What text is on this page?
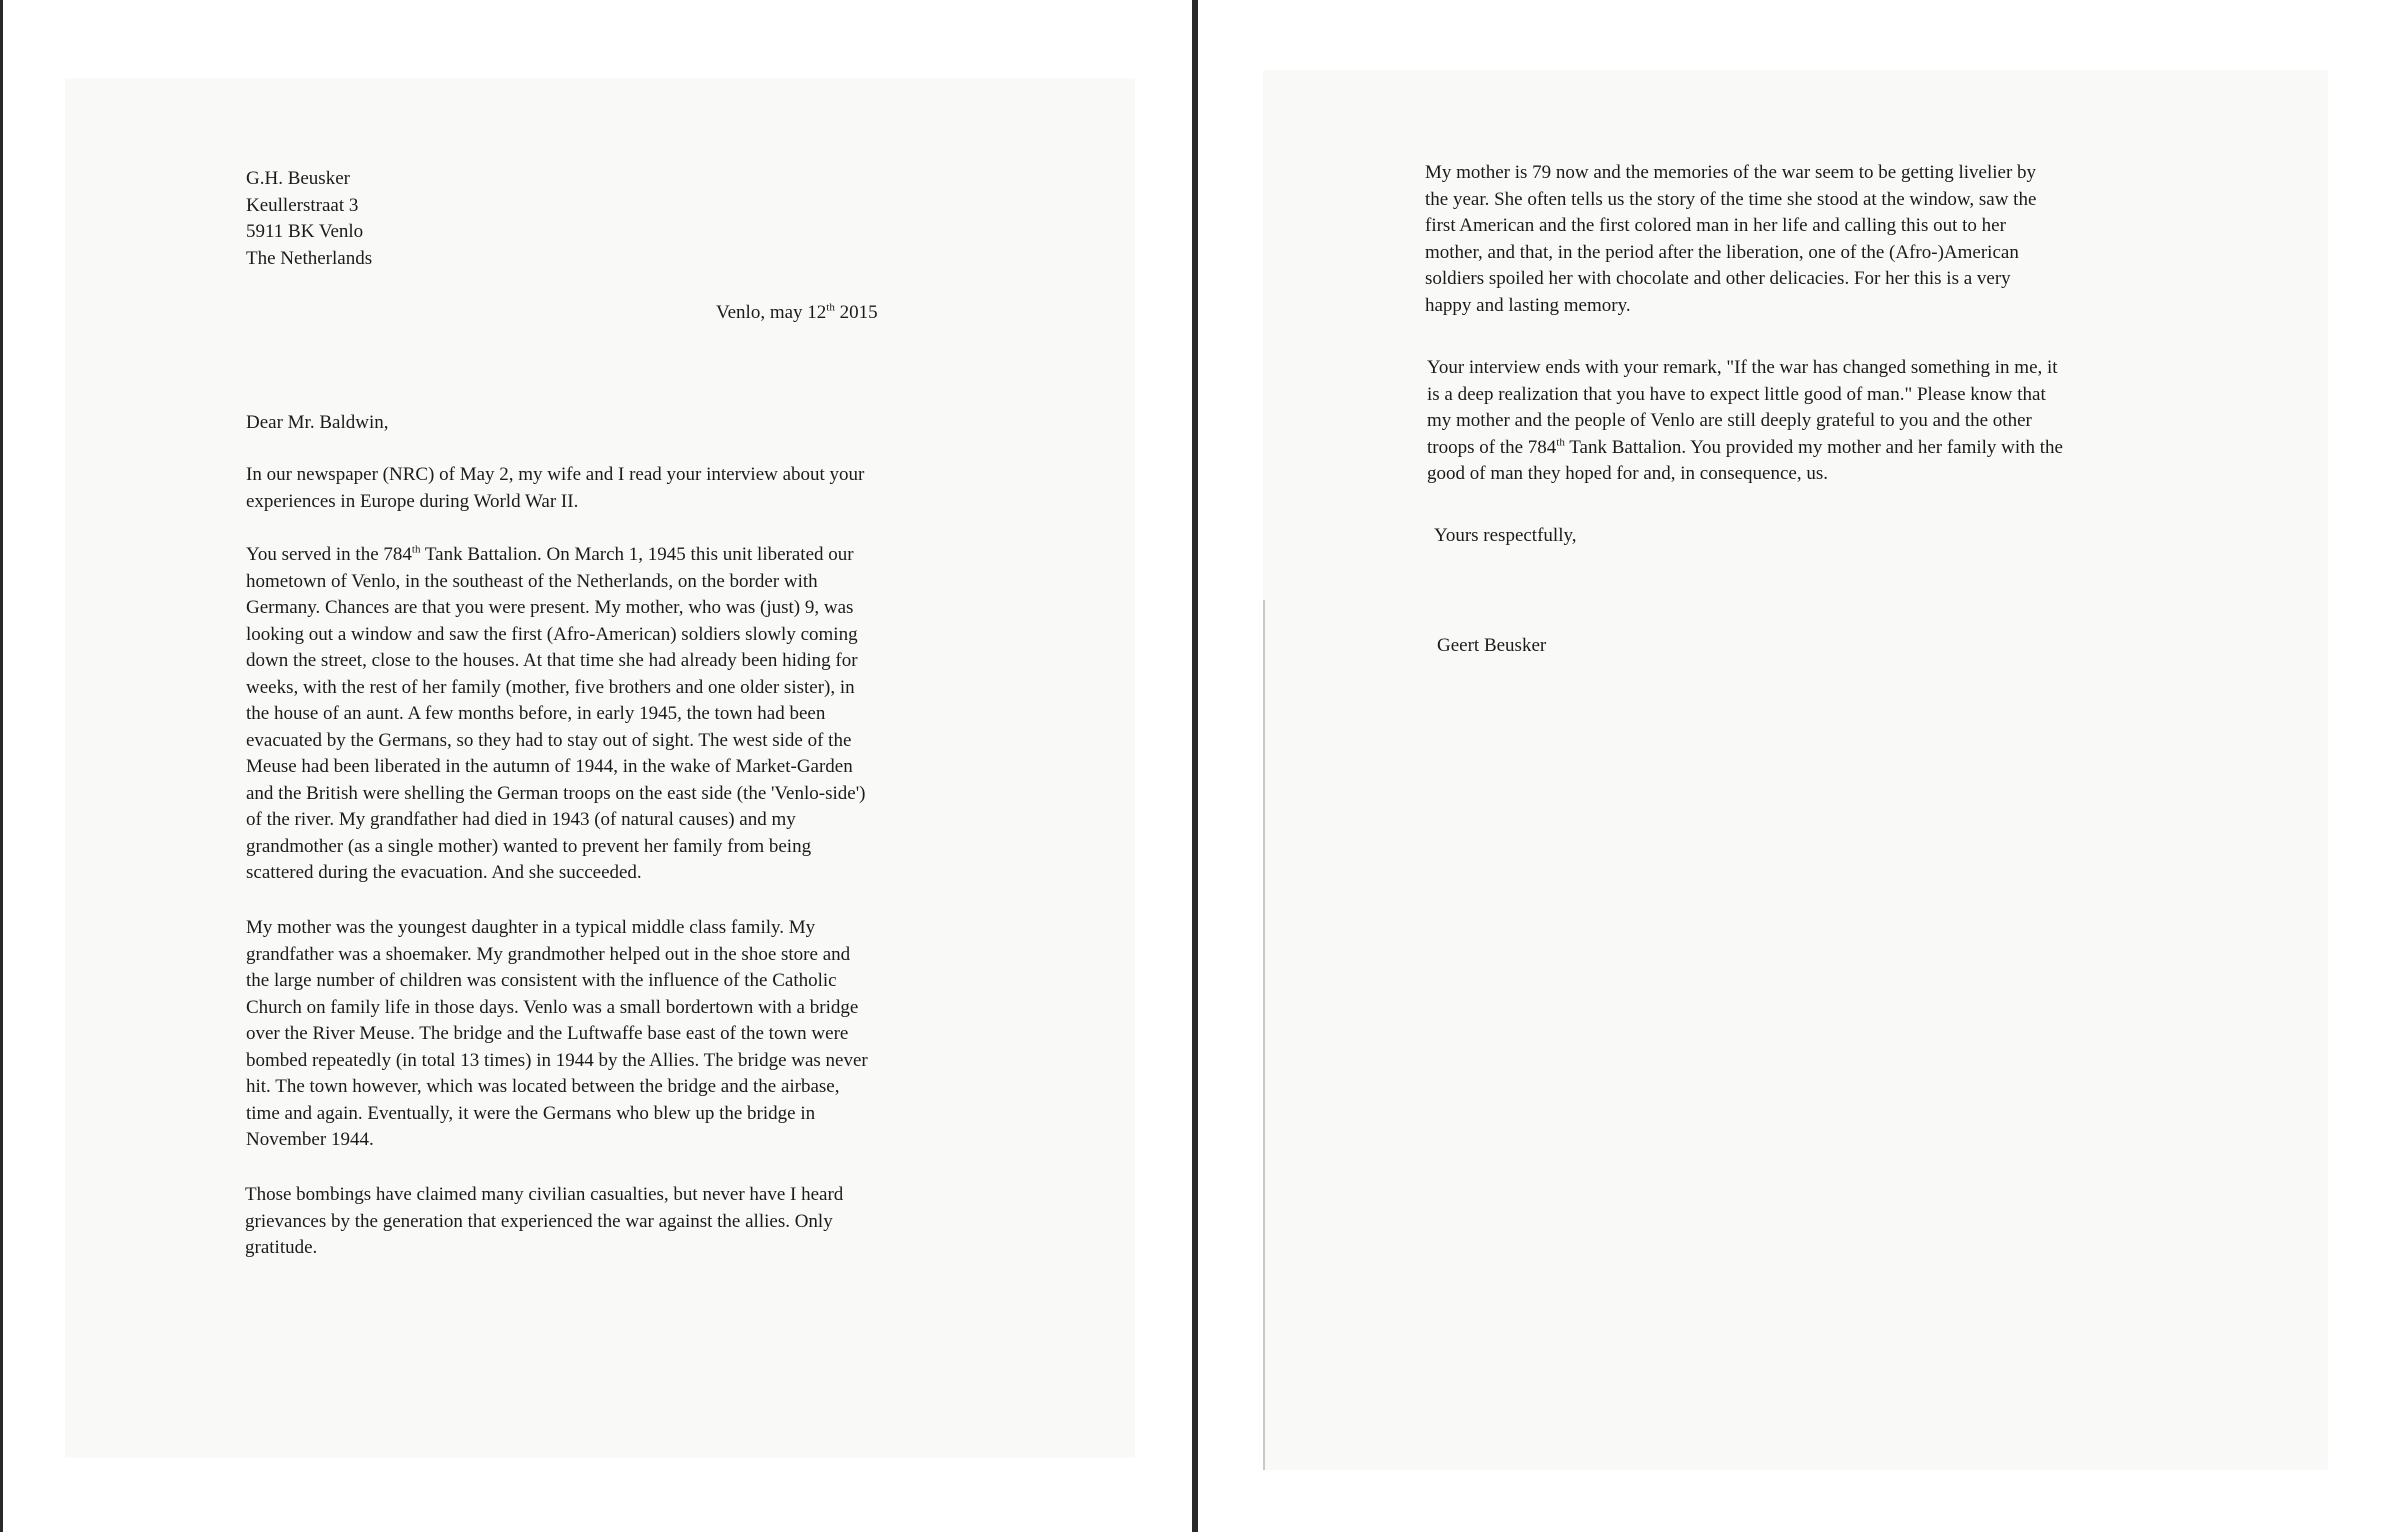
G.H. Beusker
Keullerstraat 3
5911 BK Venlo
The Netherlands
Venlo, may 12th 2015
Dear Mr. Baldwin,
In our newspaper (NRC) of May 2, my wife and I read your interview about your
experiences in Europe during World War II.
You served in the 784th Tank Battalion. On March 1, 1945 this unit liberated our
hometown of Venlo, in the southeast of the Netherlands, on the border with
Germany. Chances are that you were present. My mother, who was (just) 9, was
looking out a window and saw the first (Afro-American) soldiers slowly coming
down the street, close to the houses. At that time she had already been hiding for
weeks, with the rest of her family (mother, five brothers and one older sister), in
the house of an aunt. A few months before, in early 1945, the town had been
evacuated by the Germans, so they had to stay out of sight. The west side of the
Meuse had been liberated in the autumn of 1944, in the wake of Market-Garden
and the British were shelling the German troops on the east side (the 'Venlo-side')
of the river. My grandfather had died in 1943 (of natural causes) and my
grandmother (as a single mother) wanted to prevent her family from being
scattered during the evacuation. And she succeeded.
My mother was the youngest daughter in a typical middle class family. My
grandfather was a shoemaker. My grandmother helped out in the shoe store and
the large number of children was consistent with the influence of the Catholic
Church on family life in those days. Venlo was a small bordertown with a bridge
over the River Meuse. The bridge and the Luftwaffe base east of the town were
bombed repeatedly (in total 13 times) in 1944 by the Allies. The bridge was never
hit. The town however, which was located between the bridge and the airbase,
time and again. Eventually, it were the Germans who blew up the bridge in
November 1944.
Those bombings have claimed many civilian casualties, but never have I heard
grievances by the generation that experienced the war against the allies. Only
gratitude.
My mother is 79 now and the memories of the war seem to be getting livelier by
the year. She often tells us the story of the time she stood at the window, saw the
first American and the first colored man in her life and calling this out to her
mother, and that, in the period after the liberation, one of the (Afro-)American
soldiers spoiled her with chocolate and other delicacies. For her this is a very
happy and lasting memory.
Your interview ends with your remark, "If the war has changed something in me, it
is a deep realization that you have to expect little good of man." Please know that
my mother and the people of Venlo are still deeply grateful to you and the other
troops of the 784th Tank Battalion. You provided my mother and her family with the
good of man they hoped for and, in consequence, us.
Yours respectfully,
Geert Beusker
